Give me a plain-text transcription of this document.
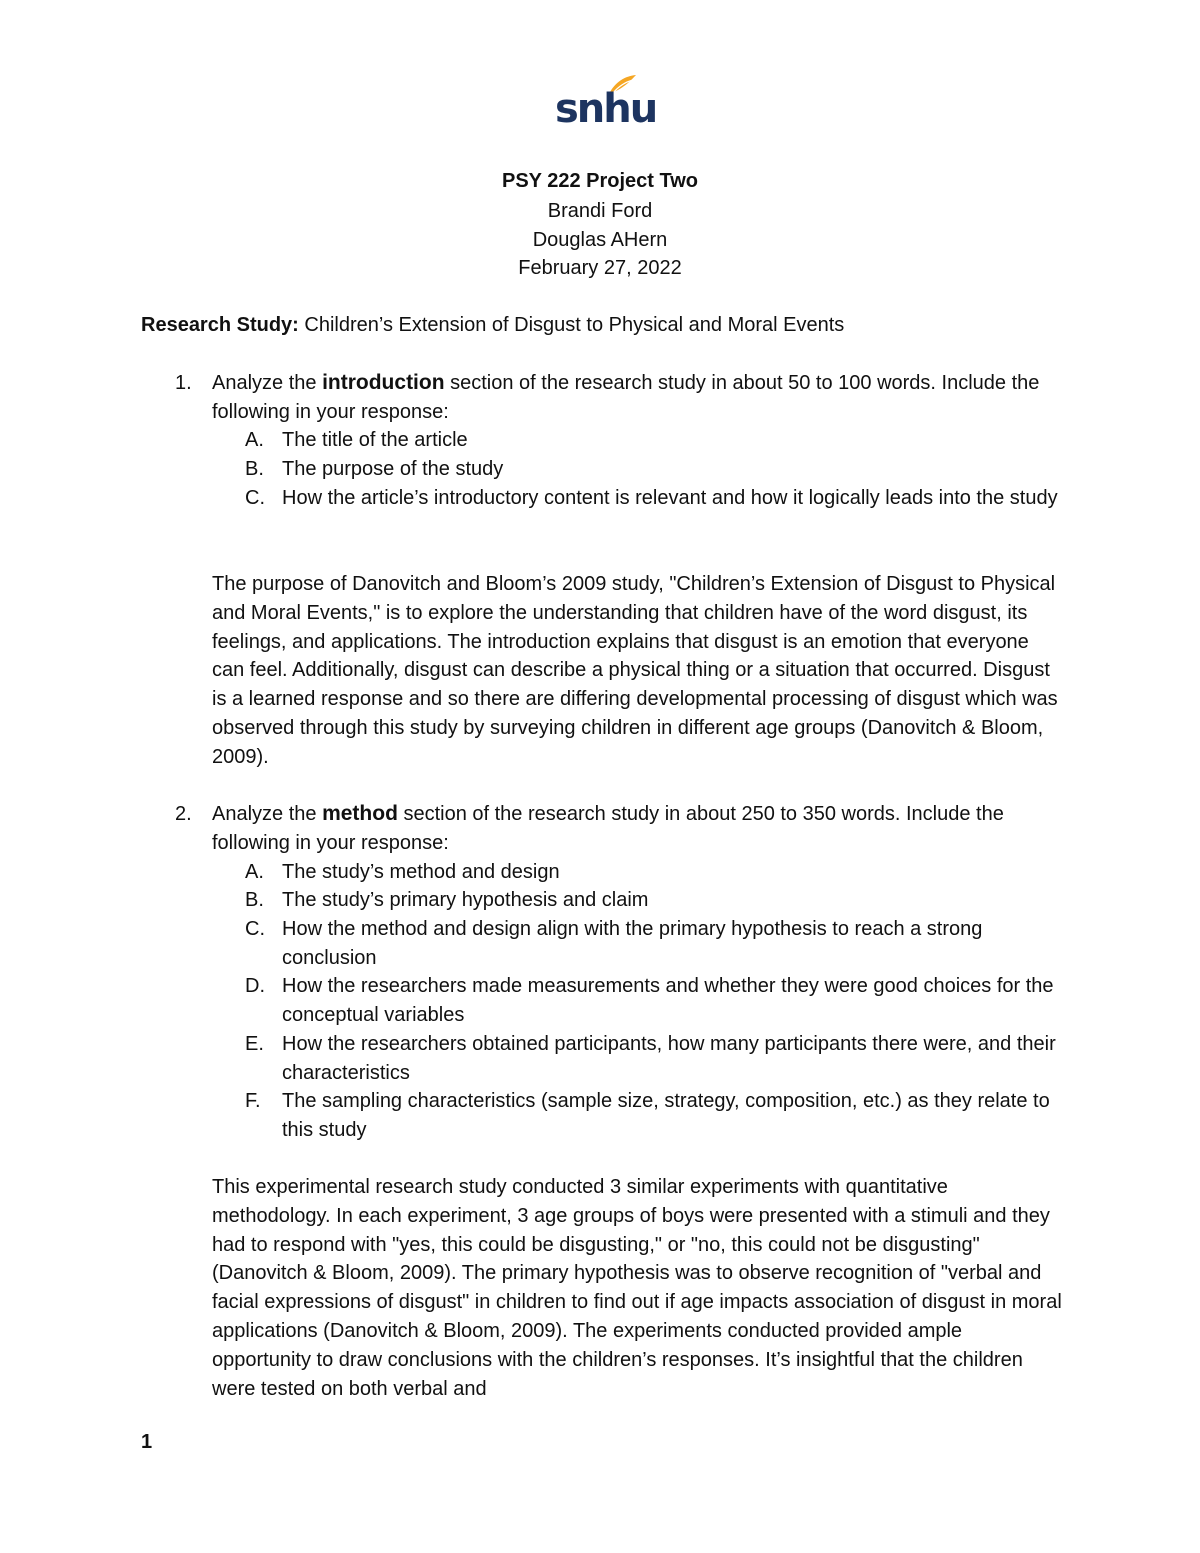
snhu
PSY 222 Project Two
Brandi Ford
Douglas AHern
February 27, 2022
Research Study: Children’s Extension of Disgust to Physical and Moral Events
1. Analyze the introduction section of the research study in about 50 to 100 words. Include the following in your response:
A. The title of the article
B. The purpose of the study
C. How the article’s introductory content is relevant and how it logically leads into the study
The purpose of Danovitch and Bloom’s 2009 study, "Children’s Extension of Disgust to Physical and Moral Events," is to explore the understanding that children have of the word disgust, its feelings, and applications. The introduction explains that disgust is an emotion that everyone can feel. Additionally, disgust can describe a physical thing or a situation that occurred. Disgust is a learned response and so there are differing developmental processing of disgust which was observed through this study by surveying children in different age groups (Danovitch & Bloom, 2009).
2. Analyze the method section of the research study in about 250 to 350 words. Include the following in your response:
A. The study’s method and design
B. The study’s primary hypothesis and claim
C. How the method and design align with the primary hypothesis to reach a strong conclusion
D. How the researchers made measurements and whether they were good choices for the conceptual variables
E. How the researchers obtained participants, how many participants there were, and their characteristics
F. The sampling characteristics (sample size, strategy, composition, etc.) as they relate to this study
This experimental research study conducted 3 similar experiments with quantitative methodology. In each experiment, 3 age groups of boys were presented with a stimuli and they had to respond with "yes, this could be disgusting," or "no, this could not be disgusting" (Danovitch & Bloom, 2009). The primary hypothesis was to observe recognition of "verbal and facial expressions of disgust" in children to find out if age impacts association of disgust in moral applications (Danovitch & Bloom, 2009). The experiments conducted provided ample opportunity to draw conclusions with the children’s responses. It’s insightful that the children were tested on both verbal and
1
